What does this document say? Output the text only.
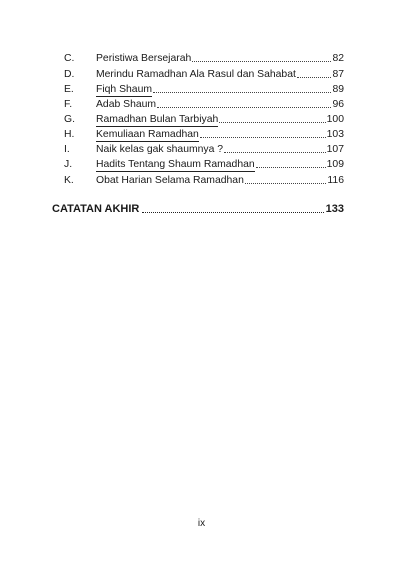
C.	Peristiwa Bersejarah	82
D.	Merindu Ramadhan Ala Rasul dan Sahabat	87
E.	Fiqh Shaum	89
F.	Adab Shaum	96
G.	Ramadhan Bulan Tarbiyah	100
H.	Kemuliaan Ramadhan	103
I.	Naik kelas gak shaumnya ?	107
J.	Hadits Tentang Shaum Ramadhan	109
K.	Obat Harian Selama Ramadhan	116
CATATAN AKHIR	133
ix
